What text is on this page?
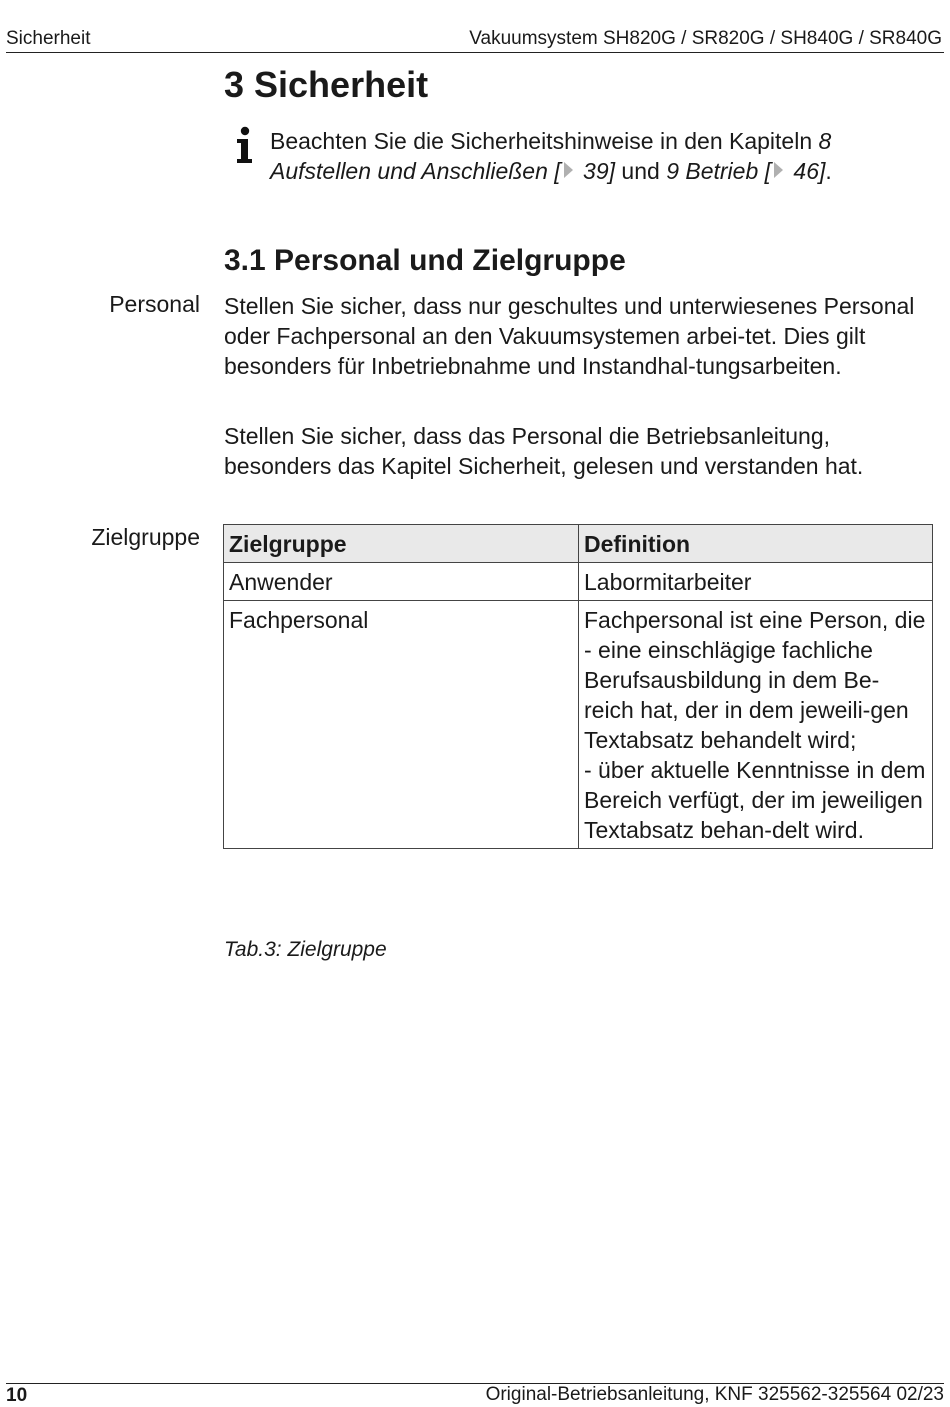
Sicherheit	Vakuumsystem SH820G / SR820G / SH840G / SR840G
3 Sicherheit
Beachten Sie die Sicherheitshinweise in den Kapiteln 8 Aufstellen und Anschließen [ 39] und 9 Betrieb [ 46].
3.1 Personal und Zielgruppe
Personal Stellen Sie sicher, dass nur geschultes und unterwiesenes Personal oder Fachpersonal an den Vakuumsystemen arbei-tet. Dies gilt besonders für Inbetriebnahme und Instandhal-tungsarbeiten.
Stellen Sie sicher, dass das Personal die Betriebsanleitung, besonders das Kapitel Sicherheit, gelesen und verstanden hat.
Zielgruppe Zielgruppe	Definition
Anwender	Labormitarbeiter

Fachpersonal	Fachpersonal ist eine Person, die
- eine einschlägige fachliche Berufsausbildung in dem Be-reich hat, der in dem jeweili-gen Textabsatz behandelt wird;
- über aktuelle Kenntnisse in dem Bereich verfügt, der im jeweiligen Textabsatz behan-delt wird.
Tab.3: Zielgruppe
10	Original-Betriebsanleitung, KNF 325562-325564 02/23
